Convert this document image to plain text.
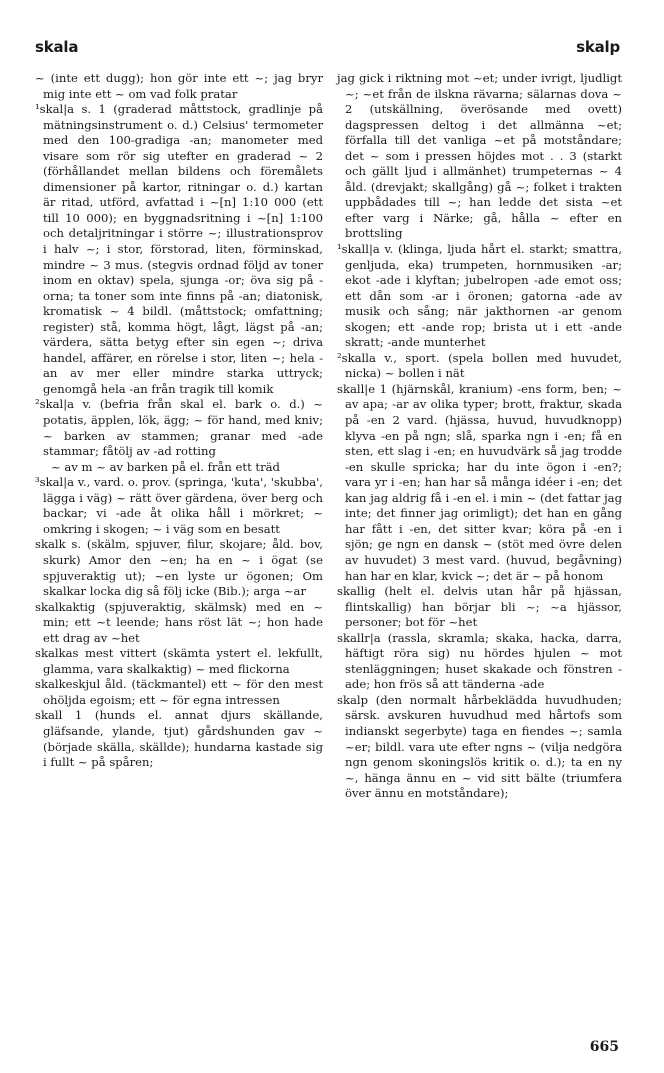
skala	skalp

~ (inte ett dugg); hon gör inte ett ~; jag bryr mig inte ett ~ om vad folk pratar

¹skal|a s. 1 (graderad måttstock, gradlinje på mätningsinstrument o. d.) Celsius' termometer med den 100-gradiga -an; manometer med visare som rör sig utefter en graderad ~ 2 (förhållandet mellan bildens och föremålets dimensioner på kartor, ritningar o. d.) kartan är ritad, utförd, avfattad i ~[n] 1:10 000 (ett till 10 000); en byggnadsritning i ~[n] 1:100 och detaljritningar i större ~; illustrationsprov i halv ~; i stor, förstorad, liten, förminskad, mindre ~ 3 mus. (stegvis ordnad följd av toner inom en oktav) spela, sjunga -or; öva sig på -orna; ta toner som inte finns på -an; diatonisk, kromatisk ~ 4 bildl. (måttstock; omfattning; register) stå, komma högt, lågt, lägst på -an; värdera, sätta betyg efter sin egen ~; driva handel, affärer, en rörelse i stor, liten ~; hela -an av mer eller mindre starka uttryck; genomgå hela -an från tragik till komik

²skal|a v. (befria från skal el. bark o. d.) ~ potatis, äpplen, lök, ägg; ~ för hand, med kniv; ~ barken av stammen; granar med -ade stammar; fåtölj av -ad rotting

~ av m ~ av barken på el. från ett träd

³skal|a v., vard. o. prov. (springa, 'kuta', 'skubba', lägga i väg) ~ rätt över gärdena, över berg och backar; vi -ade åt olika håll i mörkret; ~ omkring i skogen; ~ i väg som en besatt

skalk s. (skälm, spjuver, filur, skojare; åld. bov, skurk) Amor den ~en; ha en ~ i ögat (se spjuveraktig ut); ~en lyste ur ögonen; Om skalkar locka dig så följ icke (Bib.); arga ~ar

skalkaktig (spjuveraktig, skälmsk) med en ~ min; ett ~t leende; hans röst lät ~; hon hade ett drag av ~het

skalkas mest vittert (skämta ystert el. lekfullt, glamma, vara skalkaktig) ~ med flickorna

skalkeskjul åld. (täckmantel) ett ~ för den mest ohöljda egoism; ett ~ för egna intressen

skall 1 (hunds el. annat djurs skällande, gläfsande, ylande, tjut) gårdshunden gav ~ (började skälla, skällde); hundarna kastade sig i fullt ~ på spåren;

jag gick i riktning mot ~et; under ivrigt, ljudligt ~; ~et från de ilskna rävarna; sälarnas dova ~ 2 (utskällning, överösande med ovett) dagspressen deltog i det allmänna ~et; förfalla till det vanliga ~et på motståndare; det ~ som i pressen höjdes mot . . 3 (starkt och gällt ljud i allmänhet) trumpeternas ~ 4 åld. (drevjakt; skallgång) gå ~; folket i trakten uppbådades till ~; han ledde det sista ~et efter varg i Närke; gå, hålla ~ efter en brottsling

¹skall|a v. (klinga, ljuda hårt el. starkt; smattra, genljuda, eka) trumpeten, hornmusiken -ar; ekot -ade i klyftan; jubelropen -ade emot oss; ett dån som -ar i öronen; gatorna -ade av musik och sång; när jakthornen -ar genom skogen; ett -ande rop; brista ut i ett -ande skratt; -ande munterhet

²skalla v., sport. (spela bollen med huvudet, nicka) ~ bollen i nät

skall|e 1 (hjärnskål, kranium) -ens form, ben; ~ av apa; -ar av olika typer; brott, fraktur, skada på -en 2 vard. (hjässa, huvud, huvudknopp) klyva -en på ngn; slå, sparka ngn i -en; få en sten, ett slag i -en; en huvudvärk så jag trodde -en skulle spricka; har du inte ögon i -en?; vara yr i -en; han har så många idéer i -en; det kan jag aldrig få i -en el. i min ~ (det fattar jag inte; det finner jag orimligt); det han en gång har fått i -en, det sitter kvar; köra på -en i sjön; ge ngn en dansk ~ (stöt med övre delen av huvudet) 3 mest vard. (huvud, begåvning) han har en klar, kvick ~; det är ~ på honom

skallig (helt el. delvis utan hår på hjässan, flintskallig) han börjar bli ~; ~a hjässor, personer; bot för ~het

skallr|a (rassla, skramla; skaka, hacka, darra, häftigt röra sig) nu hördes hjulen ~ mot stenläggningen; huset skakade och fönstren -ade; hon frös så att tänderna -ade

skalp (den normalt hårbeklädda huvudhuden; särsk. avskuren huvudhud med hårtofs som indianskt segerbyte) taga en fiendes ~; samla ~er; bildl. vara ute efter ngns ~ (vilja nedgöra ngn genom skoningslös kritik o. d.); ta en ny ~, hänga ännu en ~ vid sitt bälte (triumfera över ännu en motståndare);

665
